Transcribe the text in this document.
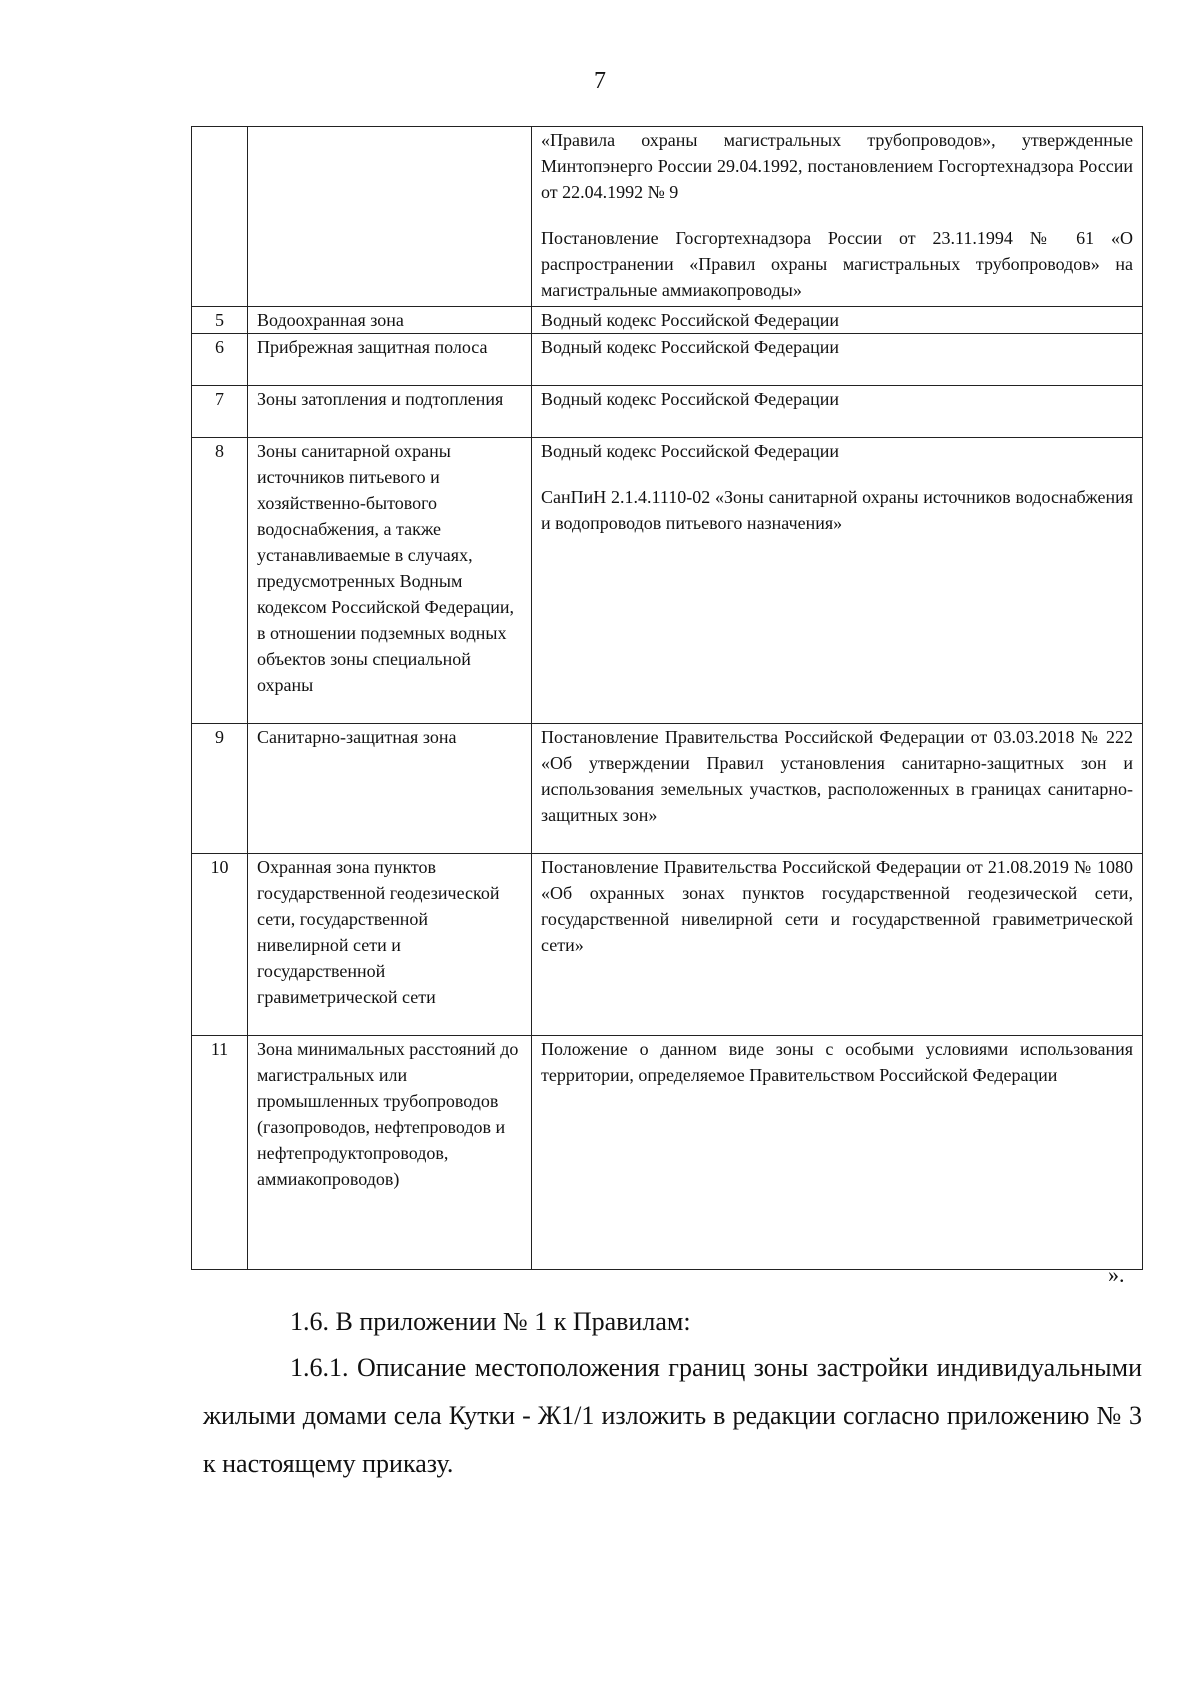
7

		«Правила охраны магистральных трубопроводов», утвержденные Минтопэнерго России 29.04.1992, постановлением Госгортехнадзора России от 22.04.1992 № 9

Постановление Госгортехнадзора России от 23.11.1994 № 61 «О распространении «Правил охраны магистральных трубопроводов» на магистральные аммиакопроводы»

5	Водоохранная зона	Водный кодекс Российской Федерации

6	Прибрежная защитная полоса	Водный кодекс Российской Федерации

7	Зоны затопления и подтопления	Водный кодекс Российской Федерации

8	Зоны санитарной охраны источников питьевого и хозяйственно-бытового водоснабжения, а также устанавливаемые в случаях, предусмотренных Водным кодексом Российской Федерации, в отношении подземных водных объектов зоны специальной охраны	Водный кодекс Российской Федерации

СанПиН 2.1.4.1110-02 «Зоны санитарной охраны источников водоснабжения и водопроводов питьевого назначения»

9	Санитарно-защитная зона	Постановление Правительства Российской Федерации от 03.03.2018 № 222 «Об утверждении Правил установления санитарно-защитных зон и использования земельных участков, расположенных в границах санитарно-защитных зон»

10	Охранная зона пунктов государственной геодезической сети, государственной нивелирной сети и государственной гравиметрической сети	Постановление Правительства Российской Федерации от 21.08.2019 № 1080 «Об охранных зонах пунктов государственной геодезической сети, государственной нивелирной сети и государственной гравиметрической сети»

11	Зона минимальных расстояний до магистральных или промышленных трубопроводов (газопроводов, нефтепроводов и нефтепродуктопроводов, аммиакопроводов)	Положение о данном виде зоны с особыми условиями использования территории, определяемое Правительством Российской Федерации

».
1.6. В приложении № 1 к Правилам:
1.6.1. Описание местоположения границ зоны застройки индивидуальными жилыми домами села Кутки - Ж1/1 изложить в редакции согласно приложению № 3 к настоящему приказу.
